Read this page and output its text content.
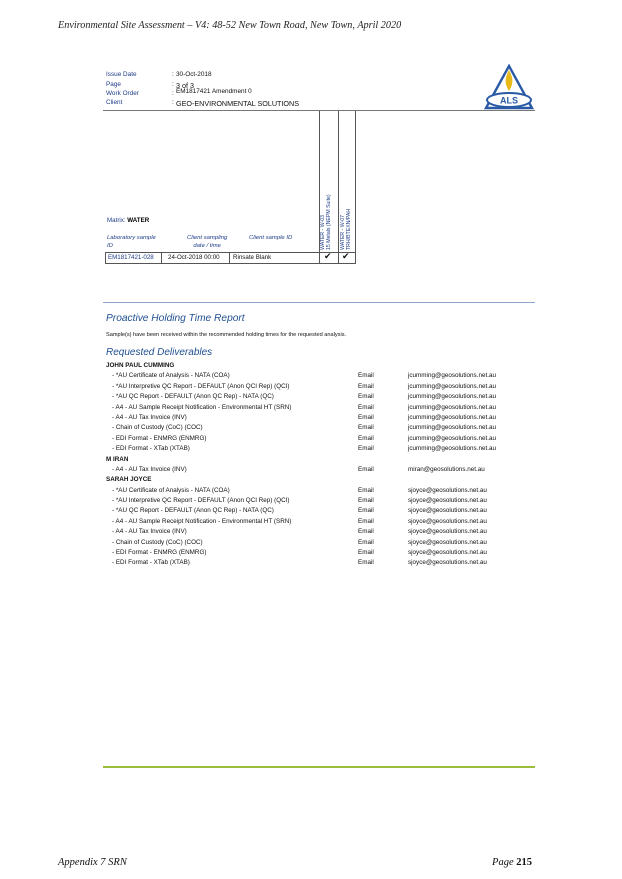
Environmental Site Assessment – V4: 48-52 New Town Road, New Town, April 2020
Issue Date	: 30-Oct-2018
Page	: 3 of 3
Work Order	: EM1817421 Amendment 0
Client	: GEO-ENVIRONMENTAL SOLUTIONS	ALS
Matrix: WATER	WATER - W-03 15 Metals (NEPM Suite) WATER - W-07 TRH/BTEXN/PAH
Laboratory sample
ID
Client sampling
date / time
Client sample ID
EM1817421-028 24-Oct-2018 00:00 Rinsate Blank	✔ ✔
Proactive Holding Time Report
Sample(s) have been received within the recommended holding times for the requested analysis.
Requested Deliverables
JOHN PAUL CUMMING
- *AU Certificate of Analysis - NATA (COA)	Email	jcumming@geosolutions.net.au
- *AU Interpretive QC Report - DEFAULT (Anon QCI Rep) (QCI)	Email	jcumming@geosolutions.net.au
- *AU QC Report - DEFAULT (Anon QC Rep) - NATA (QC)	Email	jcumming@geosolutions.net.au
- A4 - AU Sample Receipt Notification - Environmental HT (SRN)	Email	jcumming@geosolutions.net.au
- A4 - AU Tax Invoice (INV)	Email	jcumming@geosolutions.net.au
- Chain of Custody (CoC) (COC)	Email	jcumming@geosolutions.net.au
- EDI Format - ENMRG (ENMRG)	Email	jcumming@geosolutions.net.au
- EDI Format - XTab (XTAB)	Email	jcumming@geosolutions.net.au
M IRAN
- A4 - AU Tax Invoice (INV)	Email	miran@geosolutions.net.au
SARAH JOYCE
- *AU Certificate of Analysis - NATA (COA)	Email	sjoyce@geosolutions.net.au
- *AU Interpretive QC Report - DEFAULT (Anon QCI Rep) (QCI)	Email	sjoyce@geosolutions.net.au
- *AU QC Report - DEFAULT (Anon QC Rep) - NATA (QC)	Email	sjoyce@geosolutions.net.au
- A4 - AU Sample Receipt Notification - Environmental HT (SRN)	Email	sjoyce@geosolutions.net.au
- A4 - AU Tax Invoice (INV)	Email	sjoyce@geosolutions.net.au
- Chain of Custody (CoC) (COC)	Email	sjoyce@geosolutions.net.au
- EDI Format - ENMRG (ENMRG)	Email	sjoyce@geosolutions.net.au
- EDI Format - XTab (XTAB)	Email	sjoyce@geosolutions.net.au
Appendix 7 SRN	Page 215
